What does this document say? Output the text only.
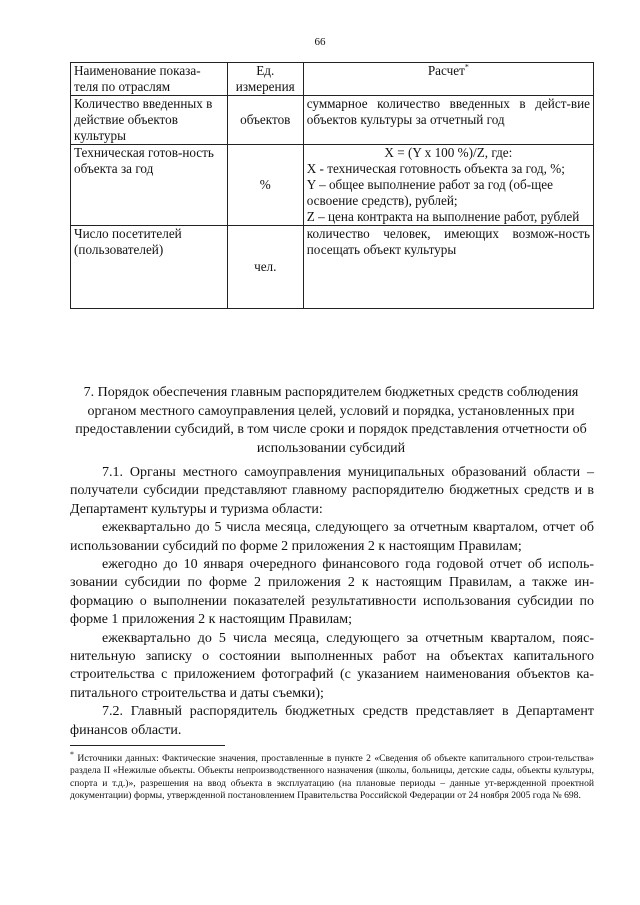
66
Наименование показа-теля по отраслям	Ед. измерения	Расчет*
Количество введенных в действие объектов культуры	объектов	суммарное количество введенных в дейст-вие объектов культуры за отчетный год

Техническая готов-ность объекта за год	%	X = (Y x 100 %)/Z, где:
X - техническая готовность объекта за год, %;
Y – общее выполнение работ за год (об-щее освоение средств), рублей;
Z – цена контракта на выполнение работ, рублей

Число посетителей (пользователей)	чел.	количество человек, имеющих возмож-ность посещать объект культуры
7. Порядок обеспечения главным распорядителем бюджетных средств соблюдения органом местного самоуправления целей, условий и порядка, установленных при предоставлении субсидий, в том числе сроки и порядок представления отчетности об использовании субсидий

7.1. Органы местного самоуправления муниципальных образований области – получатели субсидии представляют главному распорядителю бюджетных средств и в Департамент культуры и туризма области:

ежеквартально до 5 числа месяца, следующего за отчетным кварталом, отчет об использовании субсидий по форме 2 приложения 2 к настоящим Правилам;

ежегодно до 10 января очередного финансового года годовой отчет об исполь-зовании субсидии по форме 2 приложения 2 к настоящим Правилам, а также ин-формацию о выполнении показателей результативности использования субсидии по форме 1 приложения 2 к настоящим Правилам;

ежеквартально до 5 числа месяца, следующего за отчетным кварталом, пояс-нительную записку о состоянии выполненных работ на объектах капитального строительства с приложением фотографий (с указанием наименования объектов ка-питального строительства и даты съемки);

7.2. Главный распорядитель бюджетных средств представляет в Департамент финансов области.

* Источники данных: Фактические значения, проставленные в пункте 2 «Сведения об объекте капитального строи-тельства» раздела II «Нежилые объекты. Объекты непроизводственного назначения (школы, больницы, детские сады, объекты культуры, спорта и т.д.)», разрешения на ввод объекта в эксплуатацию (на плановые периоды – данные ут-вержденной проектной документации) формы, утвержденной постановлением Правительства Российской Федерации от 24 ноября 2005 года № 698.
